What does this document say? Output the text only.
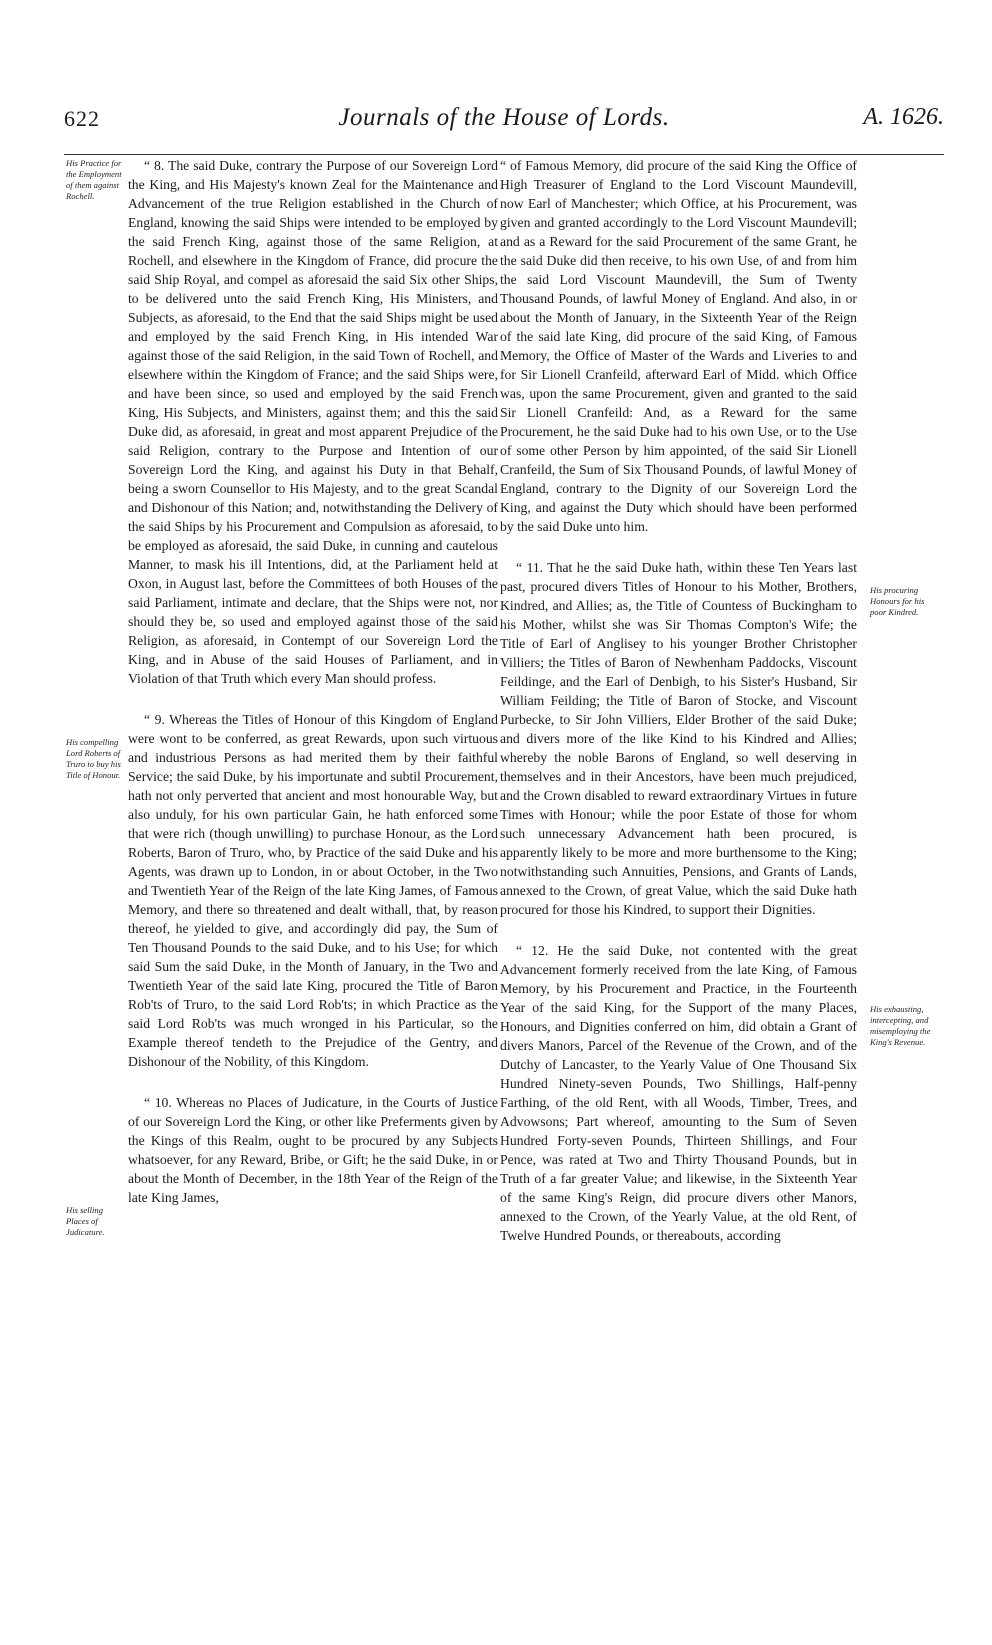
622	Journals of the House of Lords.	A. 1626.
His Practice for the Employment of them against Rochell.
His compelling Lord Roberts of Truro to buy his Title of Honour.
His selling Places of Judicature.
His procuring Honours for his poor Kindred.
His exhausting, intercepting, and misemploying the King's Revenue.

“ 8. The said Duke, contrary the Purpose of our Sovereign Lord the King, and His Majesty's known Zeal for the Maintenance and Advancement of the true Religion established in the Church of England, knowing the said Ships were intended to be employed by the said French King, against those of the same Religion, at Rochell, and elsewhere in the Kingdom of France, did procure the said Ship Royal, and compel as aforesaid the said Six other Ships, to be delivered unto the said French King, His Ministers, and Subjects, as aforesaid, to the End that the said Ships might be used and employed by the said French King, in His intended War against those of the said Religion, in the said Town of Rochell, and elsewhere within the Kingdom of France; and the said Ships were, and have been since, so used and employed by the said French King, His Subjects, and Ministers, against them; and this the said Duke did, as aforesaid, in great and most apparent Prejudice of the said Religion, contrary to the Purpose and Intention of our Sovereign Lord the King, and against his Duty in that Behalf, being a sworn Counsellor to His Majesty, and to the great Scandal and Dishonour of this Nation; and, notwithstanding the Delivery of the said Ships by his Procurement and Compulsion as aforesaid, to be employed as aforesaid, the said Duke, in cunning and cautelous Manner, to mask his ill Intentions, did, at the Parliament held at Oxon, in August last, before the Committees of both Houses of the said Parliament, intimate and declare, that the Ships were not, nor should they be, so used and employed against those of the said Religion, as aforesaid, in Contempt of our Sovereign Lord the King, and in Abuse of the said Houses of Parliament, and in Violation of that Truth which every Man should profess.

“ 9. Whereas the Titles of Honour of this Kingdom of England were wont to be conferred, as great Rewards, upon such virtuous and industrious Persons as had merited them by their faithful Service; the said Duke, by his importunate and subtil Procurement, hath not only perverted that ancient and most honourable Way, but also unduly, for his own particular Gain, he hath enforced some that were rich (though unwilling) to purchase Honour, as the Lord Roberts, Baron of Truro, who, by Practice of the said Duke and his Agents, was drawn up to London, in or about October, in the Two and Twentieth Year of the Reign of the late King James, of Famous Memory, and there so threatened and dealt withall, that, by reason thereof, he yielded to give, and accordingly did pay, the Sum of Ten Thousand Pounds to the said Duke, and to his Use; for which said Sum the said Duke, in the Month of January, in the Two and Twentieth Year of the said late King, procured the Title of Baron Rob'ts of Truro, to the said Lord Rob'ts; in which Practice as the said Lord Rob'ts was much wronged in his Particular, so the Example thereof tendeth to the Prejudice of the Gentry, and Dishonour of the Nobility, of this Kingdom.

“ 10. Whereas no Places of Judicature, in the Courts of Justice of our Sovereign Lord the King, or other like Preferments given by the Kings of this Realm, ought to be procured by any Subjects whatsoever, for any Reward, Bribe, or Gift; he the said Duke, in or about the Month of December, in the 18th Year of the Reign of the late King James,

“ of Famous Memory, did procure of the said King the Office of High Treasurer of England to the Lord Viscount Maundevill, now Earl of Manchester; which Office, at his Procurement, was given and granted accordingly to the Lord Viscount Maundevill; and as a Reward for the said Procurement of the same Grant, he the said Duke did then receive, to his own Use, of and from him the said Lord Viscount Maundevill, the Sum of Twenty Thousand Pounds, of lawful Money of England. And also, in or about the Month of January, in the Sixteenth Year of the Reign of the said late King, did procure of the said King, of Famous Memory, the Office of Master of the Wards and Liveries to and for Sir Lionell Cranfeild, afterward Earl of Midd. which Office was, upon the same Procurement, given and granted to the said Sir Lionell Cranfeild: And, as a Reward for the same Procurement, he the said Duke had to his own Use, or to the Use of some other Person by him appointed, of the said Sir Lionell Cranfeild, the Sum of Six Thousand Pounds, of lawful Money of England, contrary to the Dignity of our Sovereign Lord the King, and against the Duty which should have been performed by the said Duke unto him.

“ 11. That he the said Duke hath, within these Ten Years last past, procured divers Titles of Honour to his Mother, Brothers, Kindred, and Allies; as, the Title of Countess of Buckingham to his Mother, whilst she was Sir Thomas Compton's Wife; the Title of Earl of Anglisey to his younger Brother Christopher Villiers; the Titles of Baron of Newhenham Paddocks, Viscount Feildinge, and the Earl of Denbigh, to his Sister's Husband, Sir William Feilding; the Title of Baron of Stocke, and Viscount Purbecke, to Sir John Villiers, Elder Brother of the said Duke; and divers more of the like Kind to his Kindred and Allies; whereby the noble Barons of England, so well deserving in themselves and in their Ancestors, have been much prejudiced, and the Crown disabled to reward extraordinary Virtues in future Times with Honour; while the poor Estate of those for whom such unnecessary Advancement hath been procured, is apparently likely to be more and more burthensome to the King; notwithstanding such Annuities, Pensions, and Grants of Lands, annexed to the Crown, of great Value, which the said Duke hath procured for those his Kindred, to support their Dignities.

“ 12. He the said Duke, not contented with the great Advancement formerly received from the late King, of Famous Memory, by his Procurement and Practice, in the Fourteenth Year of the said King, for the Support of the many Places, Honours, and Dignities conferred on him, did obtain a Grant of divers Manors, Parcel of the Revenue of the Crown, and of the Dutchy of Lancaster, to the Yearly Value of One Thousand Six Hundred Ninety-seven Pounds, Two Shillings, Half-penny Farthing, of the old Rent, with all Woods, Timber, Trees, and Advowsons; Part whereof, amounting to the Sum of Seven Hundred Forty-seven Pounds, Thirteen Shillings, and Four Pence, was rated at Two and Thirty Thousand Pounds, but in Truth of a far greater Value; and likewise, in the Sixteenth Year of the same King's Reign, did procure divers other Manors, annexed to the Crown, of the Yearly Value, at the old Rent, of Twelve Hundred Pounds, or thereabouts, according
